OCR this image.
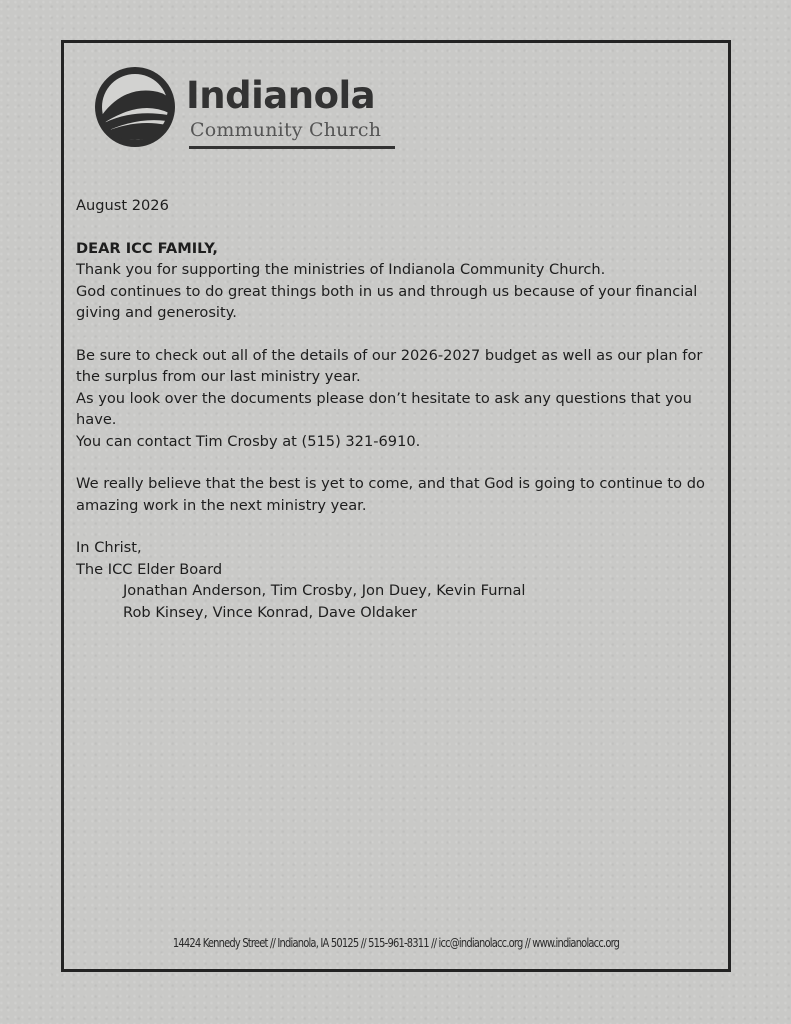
Indianola
Community Church

August 2026

DEAR ICC FAMILY,

Thank you for supporting the ministries of Indianola Community Church.

God continues to do great things both in us and through us because of your financial giving and generosity.

Be sure to check out all of the details of our 2026-2027 budget as well as our plan for the surplus from our last ministry year.

As you look over the documents please don’t hesitate to ask any questions that you have.

You can contact Tim Crosby at (515) 321-6910.

We really believe that the best is yet to come, and that God is going to continue to do amazing work in the next ministry year.

In Christ,

The ICC Elder Board

Jonathan Anderson, Tim Crosby, Jon Duey, Kevin Furnal

Rob Kinsey, Vince Konrad, Dave Oldaker

14424 Kennedy Street // Indianola, IA 50125 // 515-961-8311 // icc@indianolacc.org // www.indianolacc.org
